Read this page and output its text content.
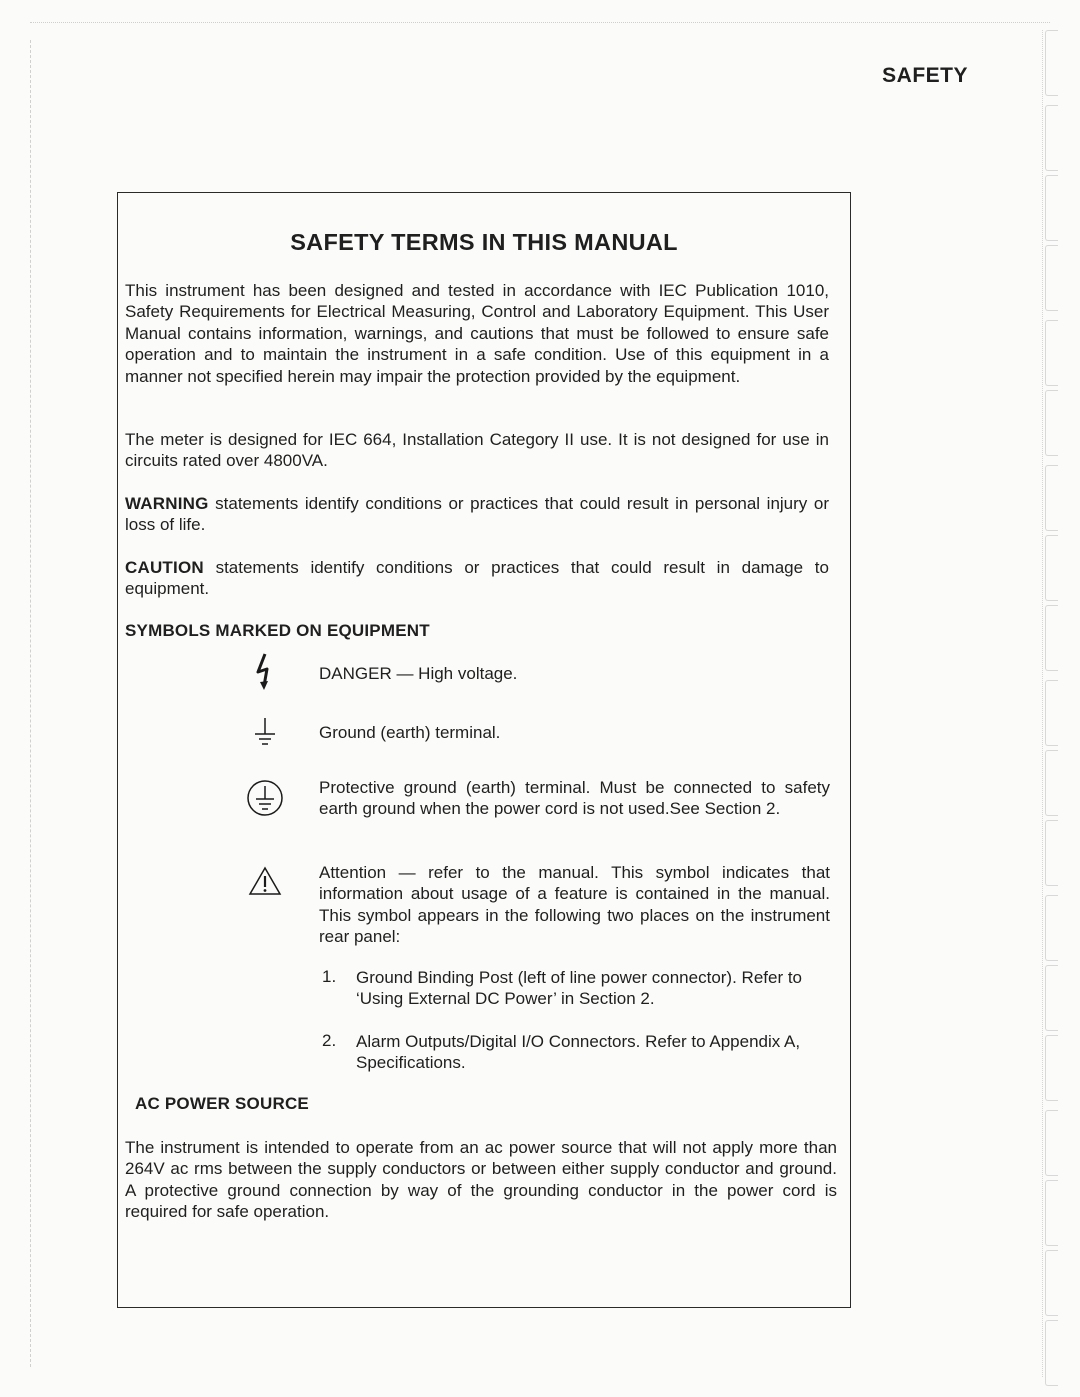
SAFETY
SAFETY TERMS IN THIS MANUAL

This instrument has been designed and tested in accordance with IEC Publication 1010, Safety Requirements for Electrical Measuring, Control and Laboratory Equipment. This User Manual contains information, warnings, and cautions that must be followed to ensure safe operation and to maintain the instrument in a safe condition. Use of this equipment in a manner not specified herein may impair the protection provided by the equipment.

The meter is designed for IEC 664, Installation Category II use. It is not designed for use in circuits rated over 4800VA.

WARNING statements identify conditions or practices that could result in personal injury or loss of life.

CAUTION statements identify conditions or practices that could result in damage to equipment.

SYMBOLS MARKED ON EQUIPMENT

DANGER — High voltage.

Ground (earth) terminal.

Protective ground (earth) terminal. Must be connected to safety earth ground when the power cord is not used.See Section 2.

Attention — refer to the manual. This symbol indicates that information about usage of a feature is contained in the manual. This symbol appears in the following two places on the instrument rear panel:

1. Ground Binding Post (left of line power connector). Refer to ‘Using External DC Power’ in Section 2.

2. Alarm Outputs/Digital I/O Connectors. Refer to Appendix A, Specifications.

AC POWER SOURCE

The instrument is intended to operate from an ac power source that will not apply more than 264V ac rms between the supply conductors or between either supply conductor and ground. A protective ground connection by way of the grounding conductor in the power cord is required for safe operation.
